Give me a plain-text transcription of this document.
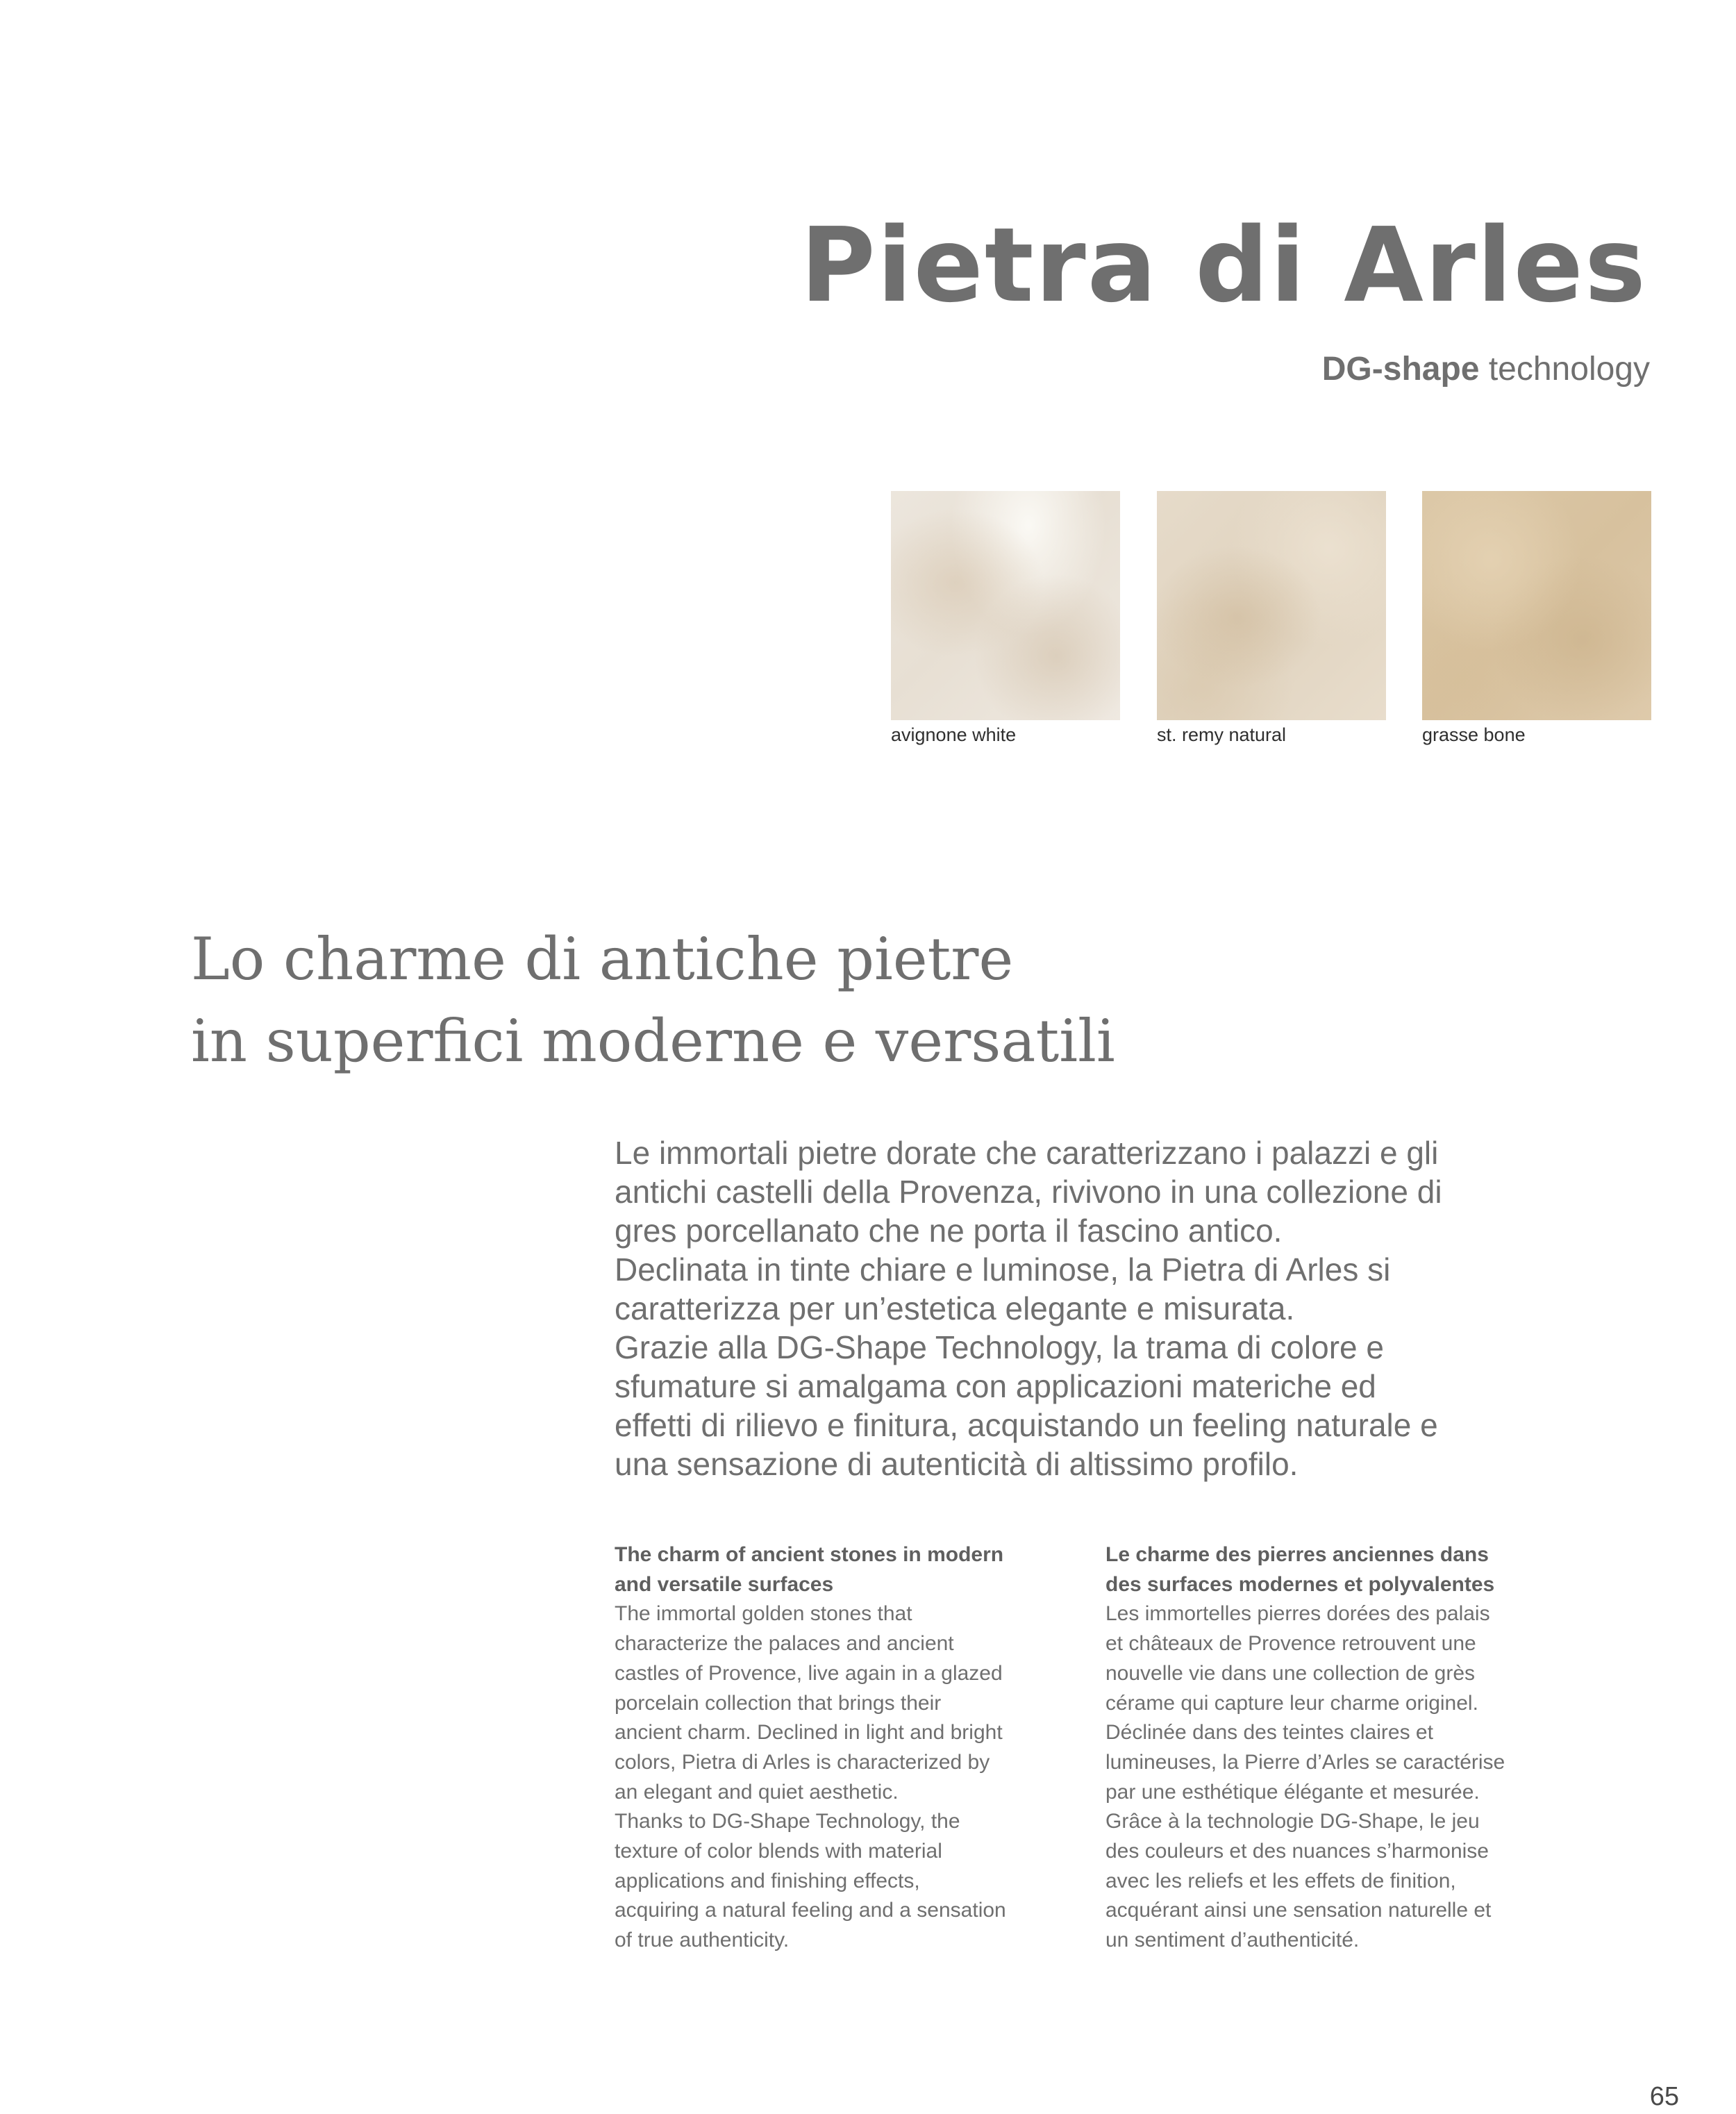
Pietra di Arles
DG-shape technology
avignone white	st. remy natural	grasse bone
Lo charme di antiche pietre
in superfici moderne e versatili

Le immortali pietre dorate che caratterizzano i palazzi e gli
antichi castelli della Provenza, rivivono in una collezione di
gres porcellanato che ne porta il fascino antico.
Declinata in tinte chiare e luminose, la Pietra di Arles si
caratterizza per un’estetica elegante e misurata.
Grazie alla DG-Shape Technology, la trama di colore e
sfumature si amalgama con applicazioni materiche ed
effetti di rilievo e finitura, acquistando un feeling naturale e
una sensazione di autenticità di altissimo profilo.

The charm of ancient stones in modern
and versatile surfaces
The immortal golden stones that
characterize the palaces and ancient
castles of Provence, live again in a glazed
porcelain collection that brings their
ancient charm. Declined in light and bright
colors, Pietra di Arles is characterized by
an elegant and quiet aesthetic.
Thanks to DG-Shape Technology, the
texture of color blends with material
applications and finishing effects,
acquiring a natural feeling and a sensation
of true authenticity.
Le charme des pierres anciennes dans
des surfaces modernes et polyvalentes
Les immortelles pierres dorées des palais
et châteaux de Provence retrouvent une
nouvelle vie dans une collection de grès
cérame qui capture leur charme originel.
Déclinée dans des teintes claires et
lumineuses, la Pierre d’Arles se caractérise
par une esthétique élégante et mesurée.
Grâce à la technologie DG-Shape, le jeu
des couleurs et des nuances s’harmonise
avec les reliefs et les effets de finition,
acquérant ainsi une sensation naturelle et
un sentiment d’authenticité.
65
